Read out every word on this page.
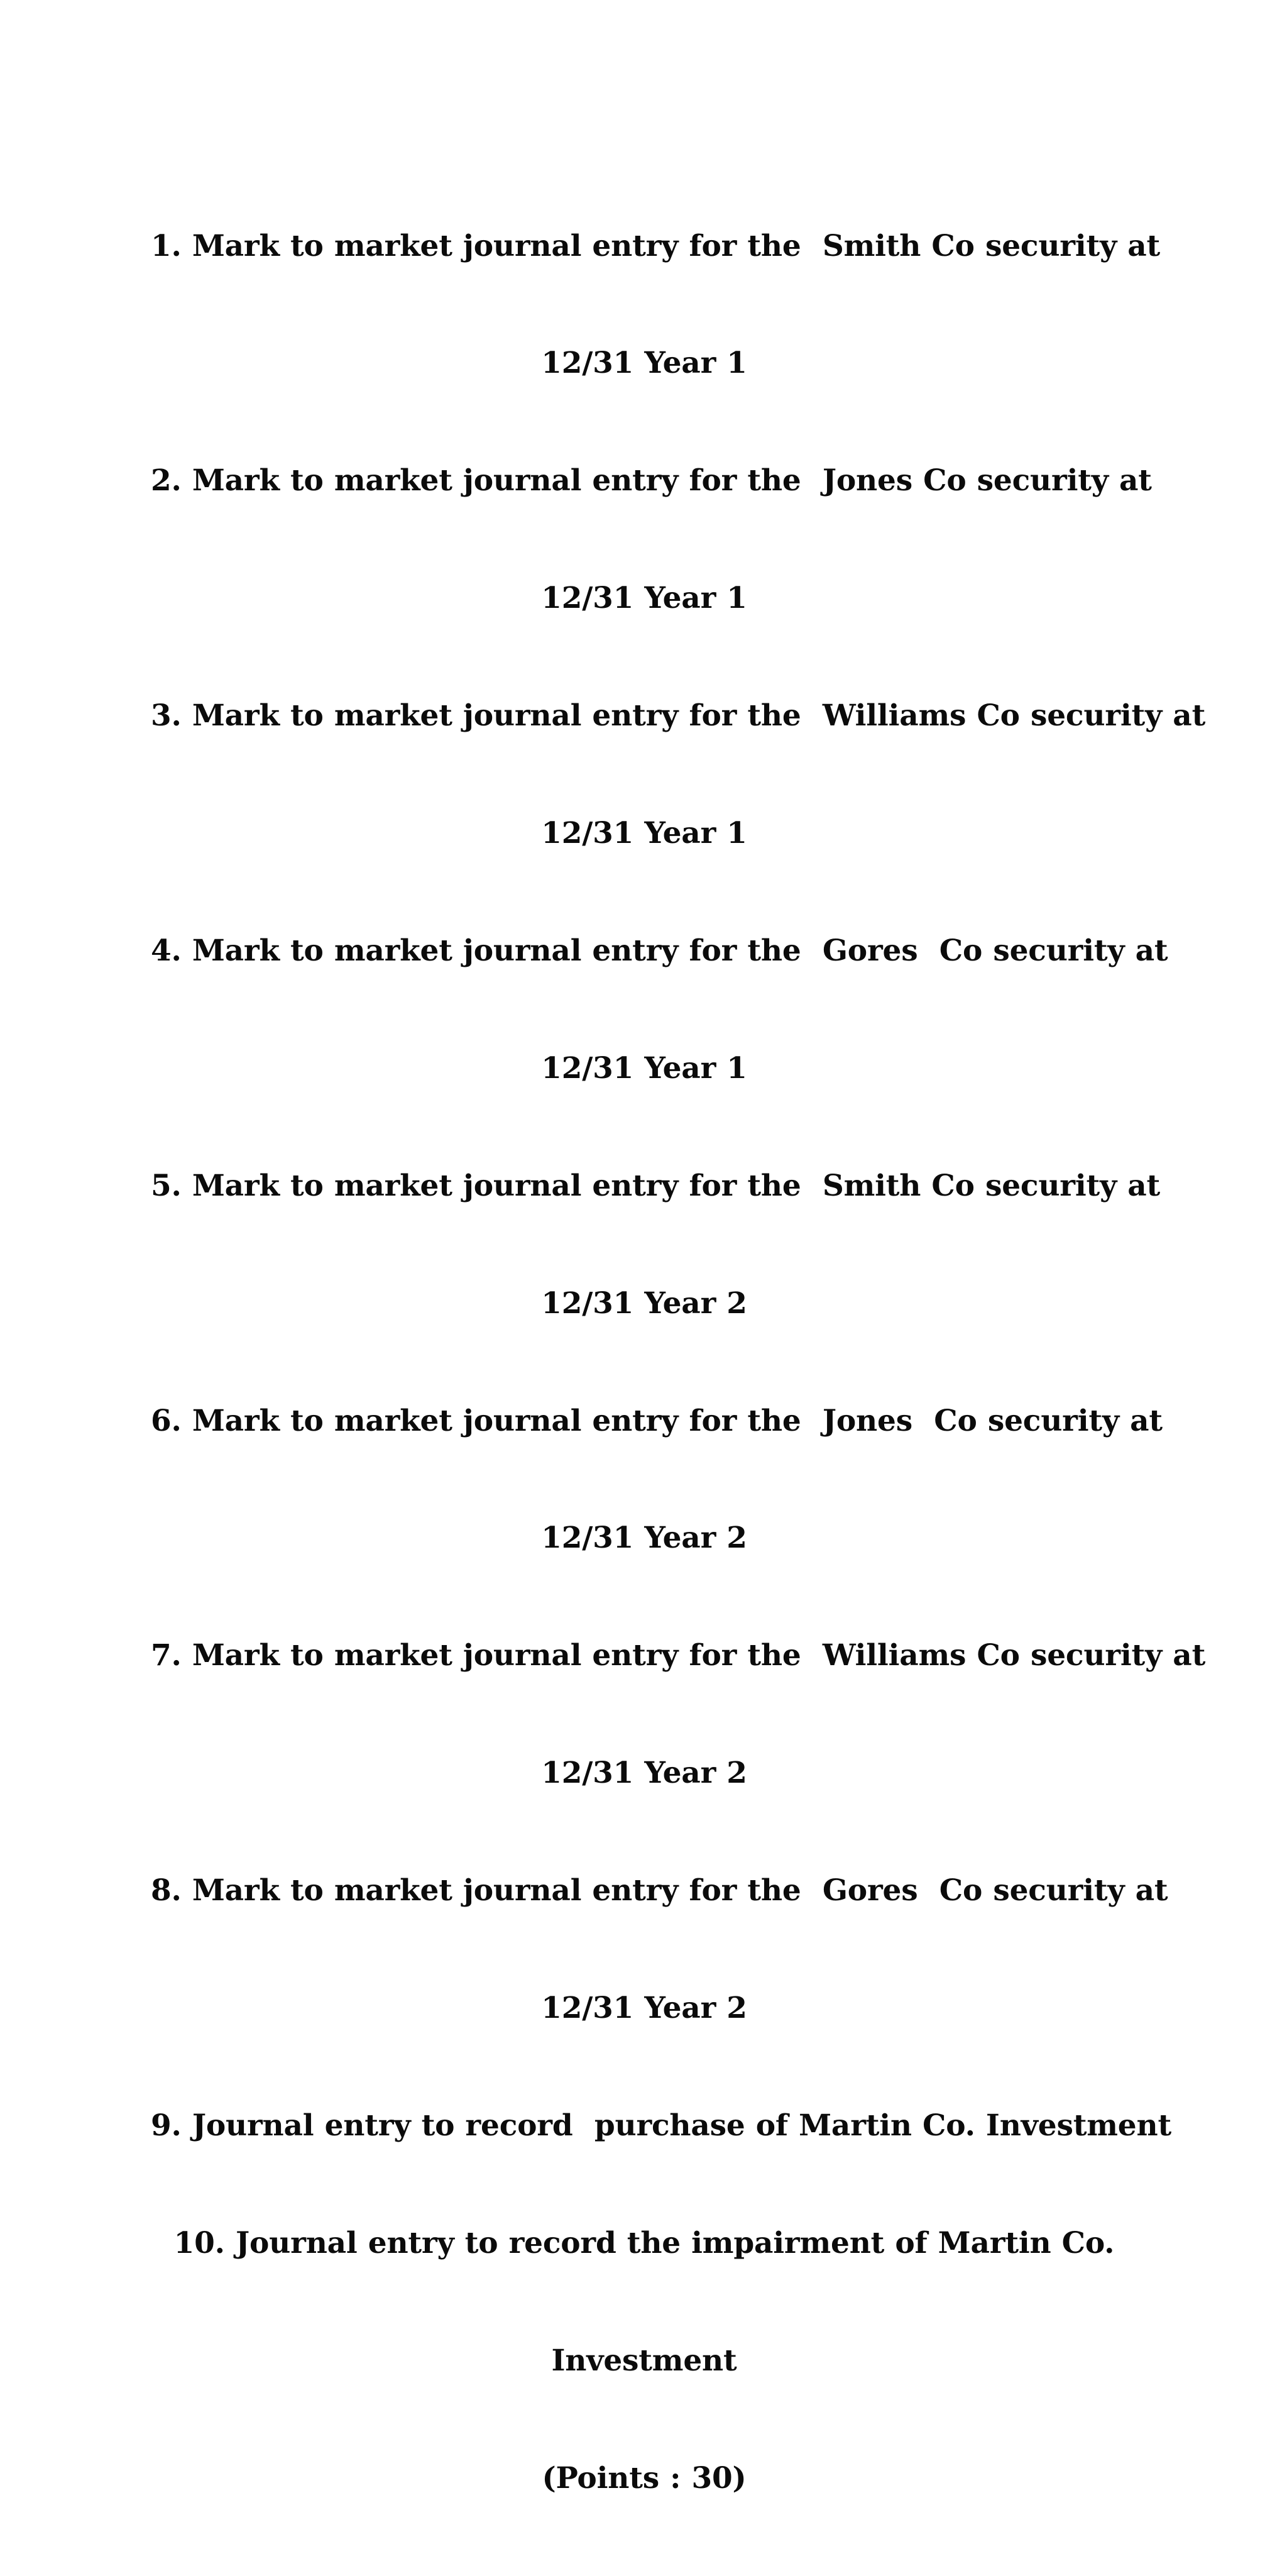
1. Mark to market journal entry for the  Smith Co security at

12/31 Year 1

2. Mark to market journal entry for the  Jones Co security at

12/31 Year 1

3. Mark to market journal entry for the  Williams Co security at

12/31 Year 1

4. Mark to market journal entry for the  Gores  Co security at

12/31 Year 1

5. Mark to market journal entry for the  Smith Co security at

12/31 Year 2

6. Mark to market journal entry for the  Jones  Co security at

12/31 Year 2

7. Mark to market journal entry for the  Williams Co security at

12/31 Year 2

8. Mark to market journal entry for the  Gores  Co security at

12/31 Year 2

9. Journal entry to record  purchase of Martin Co. Investment

10. Journal entry to record the impairment of Martin Co.

Investment

(Points : 30)
